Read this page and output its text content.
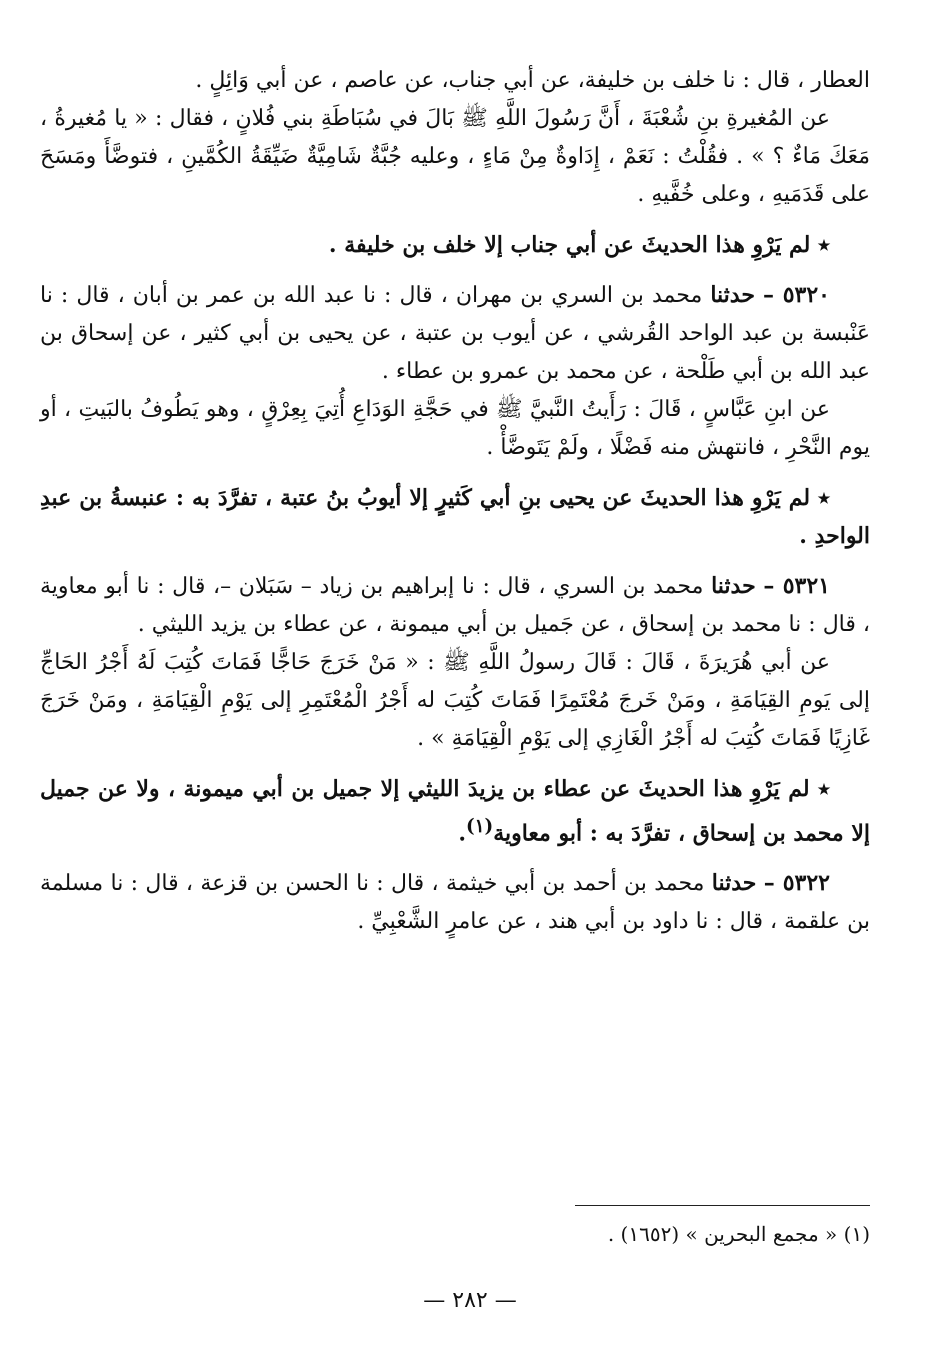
العطار ، قال : نا خلف بن خليفة، عن أبي جناب، عن عاصم ، عن أبي وَائِلٍ .

عن المُغيرةِ بنِ شُعْبَةَ ، أَنَّ رَسُولَ اللَّهِ ﷺ بَالَ في سُبَاطَةِ بني فُلانٍ ، فقال : « يا مُغيرةُ ، مَعَكَ مَاءٌ ؟ » . فقُلْتُ : نَعَمْ ، إِدَاوةٌ مِنْ مَاءٍ ، وعليه جُبَّةٌ شَامِيَّةٌ ضَيِّقَةُ الكُمَّينِ ، فتوضَّأَ ومَسَحَ على قَدَمَيهِ ، وعلى خُفَّيهِ .

٭ لم يَرْوِ هذا الحديثَ عن أبي جناب إلا خلف بن خليفة .

٥٣٢٠ – حدثنا محمد بن السري بن مهران ، قال : نا عبد الله بن عمر بن أبان ، قال : نا عَنْبسة بن عبد الواحد القُرشي ، عن أيوب بن عتبة ، عن يحيى بن أبي كثير ، عن إسحاق بن عبد الله بن أبي طَلْحة ، عن محمد بن عمرو بن عطاء .

عن ابنِ عَبَّاسٍ ، قَالَ : رَأَيتُ النَّبيَّ ﷺ في حَجَّةِ الوَدَاعِ أُتِيَ بِعِرْقٍ ، وهو يَطُوفُ بالبَيتِ ، أو يوم النَّحْرِ ، فانتهش منه فَضْلًا ، ولَمْ يَتَوضَّأْ .

٭ لم يَرْوِ هذا الحديثَ عن يحيى بنِ أبي كَثيرٍ إلا أيوبُ بنُ عتبة ، تفرَّدَ به : عنبسةُ بن عبدِ الواحدِ .

٥٣٢١ – حدثنا محمد بن السري ، قال : نا إبراهيم بن زياد – سَبَلان –، قال : نا أبو معاوية ، قال : نا محمد بن إسحاق ، عن جَميل بن أبي ميمونة ، عن عطاء بن يزيد الليثي .

عن أبي هُرَيرَةَ ، قَالَ : قَالَ رسولُ اللَّهِ ﷺ : « مَنْ خَرَجَ حَاجًّا فَمَاتَ كُتِبَ لَهُ أَجْرُ الحَاجِّ إلى يَومِ القِيَامَةِ ، ومَنْ خَرجَ مُعْتَمِرًا فَمَاتَ كُتِبَ له أَجْرُ الْمُعْتَمِرِ إلى يَوْمِ الْقِيَامَةِ ، ومَنْ خَرَجَ غَازِيًا فَمَاتَ كُتِبَ له أَجْرُ الْغَازِي إلى يَوْمِ الْقِيَامَةِ » .

٭ لم يَرْوِ هذا الحديثَ عن عطاء بن يزيدَ الليثي إلا جميل بن أبي ميمونة ، ولا عن جميل إلا محمد بن إسحاق ، تفرَّدَ به : أبو معاوية$^{(١)}$.

٥٣٢٢ – حدثنا محمد بن أحمد بن أبي خيثمة ، قال : نا الحسن بن قزعة ، قال : نا مسلمة بن علقمة ، قال : نا داود بن أبي هند ، عن عامرٍ الشَّعْبِيِّ .

(١) « مجمع البحرين » (١٦٥٢) .
— ٢٨٢ —
